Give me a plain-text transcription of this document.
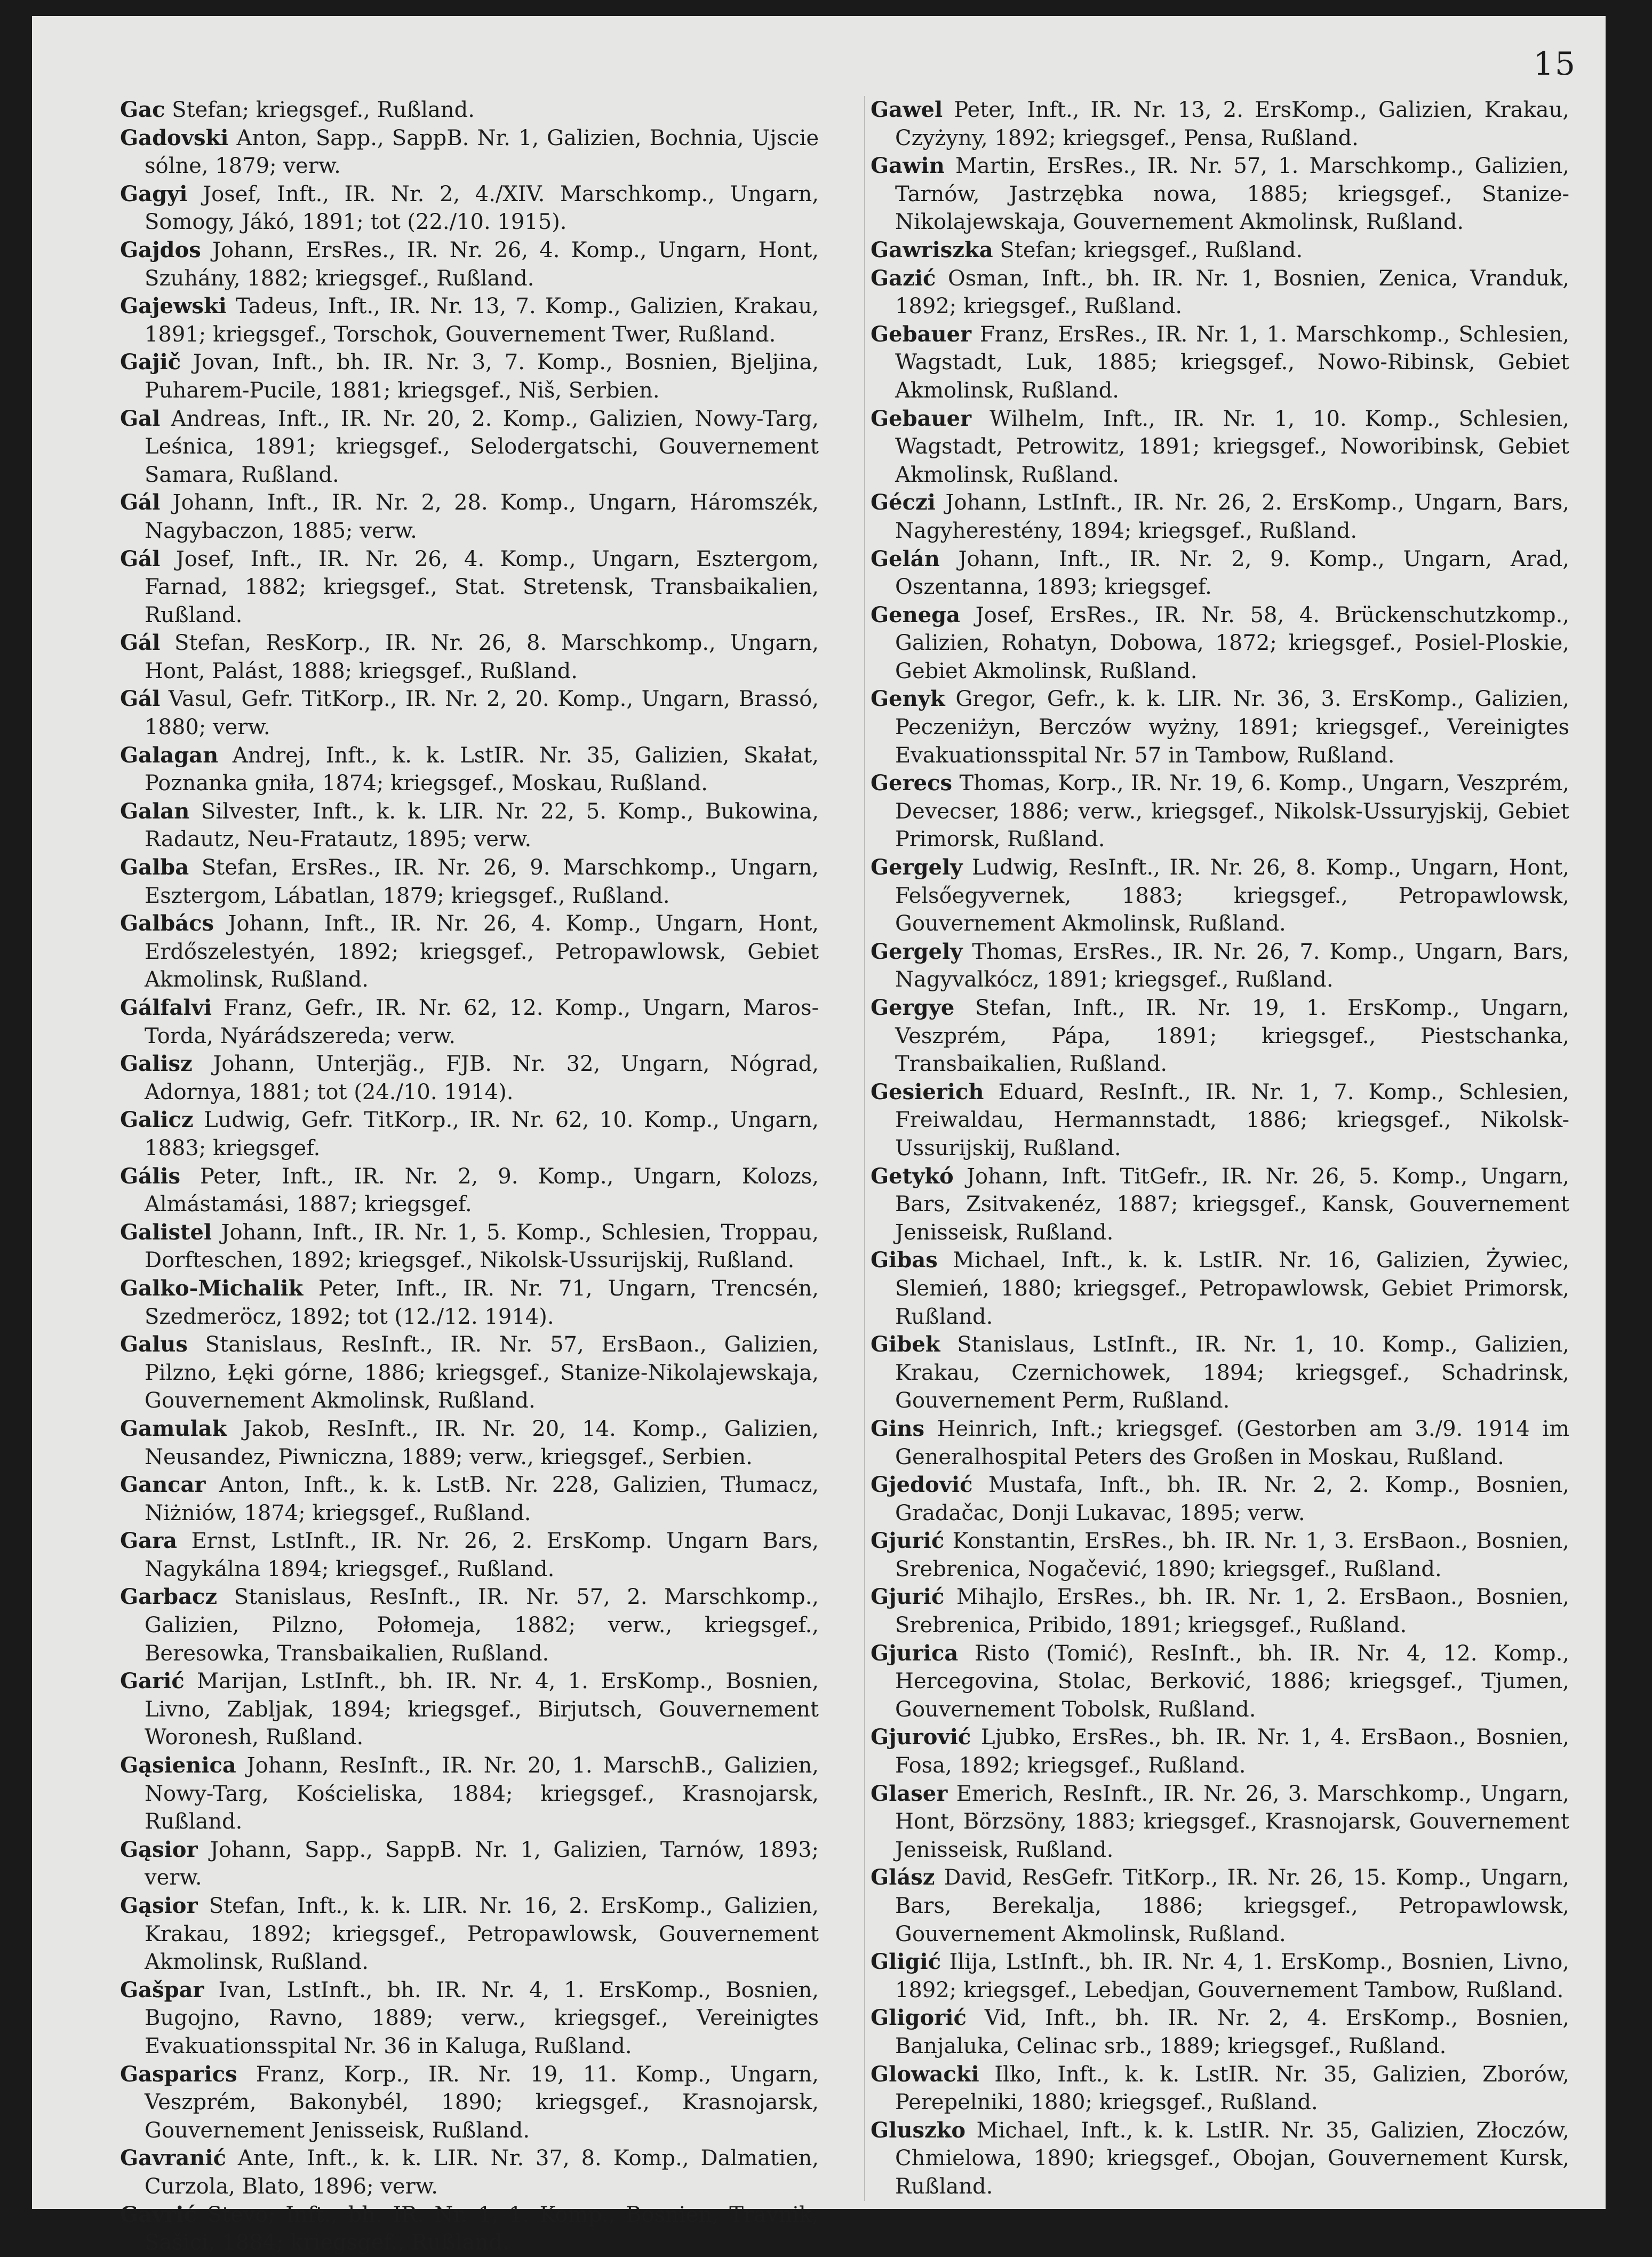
15

Gac Stefan; kriegsgef., Rußland.

Gadovski Anton, Sapp., SappB. Nr. 1, Galizien, Bochnia, Ujscie sólne, 1879; verw.

Gagyi Josef, Inft., IR. Nr. 2, 4./XIV. Marschkomp., Ungarn, Somogy, Jákó, 1891; tot (22./10. 1915).

Gajdos Johann, ErsRes., IR. Nr. 26, 4. Komp., Ungarn, Hont, Szuhány, 1882; kriegsgef., Rußland.

Gajewski Tadeus, Inft., IR. Nr. 13, 7. Komp., Galizien, Krakau, 1891; kriegsgef., Torschok, Gouvernement Twer, Rußland.

Gajič Jovan, Inft., bh. IR. Nr. 3, 7. Komp., Bosnien, Bjeljina, Puharem-Pucile, 1881; kriegsgef., Niš, Serbien.

Gal Andreas, Inft., IR. Nr. 20, 2. Komp., Galizien, Nowy-Targ, Leśnica, 1891; kriegsgef., Selodergatschi, Gouvernement Samara, Rußland.

Gál Johann, Inft., IR. Nr. 2, 28. Komp., Ungarn, Háromszék, Nagybaczon, 1885; verw.

Gál Josef, Inft., IR. Nr. 26, 4. Komp., Ungarn, Esztergom, Farnad, 1882; kriegsgef., Stat. Stretensk, Transbaikalien, Rußland.

Gál Stefan, ResKorp., IR. Nr. 26, 8. Marschkomp., Ungarn, Hont, Palást, 1888; kriegsgef., Rußland.

Gál Vasul, Gefr. TitKorp., IR. Nr. 2, 20. Komp., Ungarn, Brassó, 1880; verw.

Galagan Andrej, Inft., k. k. LstIR. Nr. 35, Galizien, Skałat, Poznanka gniła, 1874; kriegsgef., Moskau, Rußland.

Galan Silvester, Inft., k. k. LIR. Nr. 22, 5. Komp., Bukowina, Radautz, Neu-Fratautz, 1895; verw.

Galba Stefan, ErsRes., IR. Nr. 26, 9. Marschkomp., Ungarn, Esztergom, Lábatlan, 1879; kriegsgef., Rußland.

Galbács Johann, Inft., IR. Nr. 26, 4. Komp., Ungarn, Hont, Erdőszelestyén, 1892; kriegsgef., Petropawlowsk, Gebiet Akmolinsk, Rußland.

Gálfalvi Franz, Gefr., IR. Nr. 62, 12. Komp., Ungarn, Maros-Torda, Nyárádszereda; verw.

Galisz Johann, Unterjäg., FJB. Nr. 32, Ungarn, Nógrad, Adornya, 1881; tot (24./10. 1914).

Galicz Ludwig, Gefr. TitKorp., IR. Nr. 62, 10. Komp., Ungarn, 1883; kriegsgef.

Gális Peter, Inft., IR. Nr. 2, 9. Komp., Ungarn, Kolozs, Almástamási, 1887; kriegsgef.

Galistel Johann, Inft., IR. Nr. 1, 5. Komp., Schlesien, Troppau, Dorfteschen, 1892; kriegsgef., Nikolsk-Ussurijskij, Rußland.

Galko-Michalik Peter, Inft., IR. Nr. 71, Ungarn, Trencsén, Szedmeröcz, 1892; tot (12./12. 1914).

Galus Stanislaus, ResInft., IR. Nr. 57, ErsBaon., Galizien, Pilzno, Łęki górne, 1886; kriegsgef., Stanize-Nikolajewskaja, Gouvernement Akmolinsk, Rußland.

Gamulak Jakob, ResInft., IR. Nr. 20, 14. Komp., Galizien, Neusandez, Piwniczna, 1889; verw., kriegsgef., Serbien.

Gancar Anton, Inft., k. k. LstB. Nr. 228, Galizien, Tłumacz, Niżniów, 1874; kriegsgef., Rußland.

Gara Ernst, LstInft., IR. Nr. 26, 2. ErsKomp. Ungarn Bars, Nagykálna 1894; kriegsgef., Rußland.

Garbacz Stanislaus, ResInft., IR. Nr. 57, 2. Marschkomp., Galizien, Pilzno, Połomeja, 1882; verw., kriegsgef., Beresowka, Transbaikalien, Rußland.

Garić Marijan, LstInft., bh. IR. Nr. 4, 1. ErsKomp., Bosnien, Livno, Zabljak, 1894; kriegsgef., Birjutsch, Gouvernement Woronesh, Rußland.

Gąsienica Johann, ResInft., IR. Nr. 20, 1. MarschB., Galizien, Nowy-Targ, Kościeliska, 1884; kriegsgef., Krasnojarsk, Rußland.

Gąsior Johann, Sapp., SappB. Nr. 1, Galizien, Tarnów, 1893; verw.

Gąsior Stefan, Inft., k. k. LIR. Nr. 16, 2. ErsKomp., Galizien, Krakau, 1892; kriegsgef., Petropawlowsk, Gouvernement Akmolinsk, Rußland.

Gašpar Ivan, LstInft., bh. IR. Nr. 4, 1. ErsKomp., Bosnien, Bugojno, Ravno, 1889; verw., kriegsgef., Vereinigtes Evakuationsspital Nr. 36 in Kaluga, Rußland.

Gasparics Franz, Korp., IR. Nr. 19, 11. Komp., Ungarn, Veszprém, Bakonybél, 1890; kriegsgef., Krasnojarsk, Gouvernement Jenisseisk, Rußland.

Gavranić Ante, Inft., k. k. LIR. Nr. 37, 8. Komp., Dalmatien, Curzola, Blato, 1896; verw.

Gavrić Stevo; Inft., bh. IR. Nr. 1, 1. Komp., Bosnien, Travnik, Sašici, 1884; kriegsgef., Rußland.

Gawel Peter, Inft., IR. Nr. 13, 2. ErsKomp., Galizien, Krakau, Czyżyny, 1892; kriegsgef., Pensa, Rußland.

Gawin Martin, ErsRes., IR. Nr. 57, 1. Marschkomp., Galizien, Tarnów, Jastrzębka nowa, 1885; kriegsgef., Stanize-Nikolajewskaja, Gouvernement Akmolinsk, Rußland.

Gawriszka Stefan; kriegsgef., Rußland.

Gazić Osman, Inft., bh. IR. Nr. 1, Bosnien, Zenica, Vranduk, 1892; kriegsgef., Rußland.

Gebauer Franz, ErsRes., IR. Nr. 1, 1. Marschkomp., Schlesien, Wagstadt, Luk, 1885; kriegsgef., Nowo-Ribinsk, Gebiet Akmolinsk, Rußland.

Gebauer Wilhelm, Inft., IR. Nr. 1, 10. Komp., Schlesien, Wagstadt, Petrowitz, 1891; kriegsgef., Noworibinsk, Gebiet Akmolinsk, Rußland.

Géczi Johann, LstInft., IR. Nr. 26, 2. ErsKomp., Ungarn, Bars, Nagyherestény, 1894; kriegsgef., Rußland.

Gelán Johann, Inft., IR. Nr. 2, 9. Komp., Ungarn, Arad, Oszentanna, 1893; kriegsgef.

Genega Josef, ErsRes., IR. Nr. 58, 4. Brückenschutzkomp., Galizien, Rohatyn, Dobowa, 1872; kriegsgef., Posiel-Ploskie, Gebiet Akmolinsk, Rußland.

Genyk Gregor, Gefr., k. k. LIR. Nr. 36, 3. ErsKomp., Galizien, Peczeniżyn, Berczów wyżny, 1891; kriegsgef., Vereinigtes Evakuationsspital Nr. 57 in Tambow, Rußland.

Gerecs Thomas, Korp., IR. Nr. 19, 6. Komp., Ungarn, Veszprém, Devecser, 1886; verw., kriegsgef., Nikolsk-Ussuryjskij, Gebiet Primorsk, Rußland.

Gergely Ludwig, ResInft., IR. Nr. 26, 8. Komp., Ungarn, Hont, Felsőegyvernek, 1883; kriegsgef., Petropawlowsk, Gouvernement Akmolinsk, Rußland.

Gergely Thomas, ErsRes., IR. Nr. 26, 7. Komp., Ungarn, Bars, Nagyvalkócz, 1891; kriegsgef., Rußland.

Gergye Stefan, Inft., IR. Nr. 19, 1. ErsKomp., Ungarn, Veszprém, Pápa, 1891; kriegsgef., Piestschanka, Transbaikalien, Rußland.

Gesierich Eduard, ResInft., IR. Nr. 1, 7. Komp., Schlesien, Freiwaldau, Hermannstadt, 1886; kriegsgef., Nikolsk-Ussurijskij, Rußland.

Getykó Johann, Inft. TitGefr., IR. Nr. 26, 5. Komp., Ungarn, Bars, Zsitvakenéz, 1887; kriegsgef., Kansk, Gouvernement Jenisseisk, Rußland.

Gibas Michael, Inft., k. k. LstIR. Nr. 16, Galizien, Żywiec, Slemień, 1880; kriegsgef., Petropawlowsk, Gebiet Primorsk, Rußland.

Gibek Stanislaus, LstInft., IR. Nr. 1, 10. Komp., Galizien, Krakau, Czernichowek, 1894; kriegsgef., Schadrinsk, Gouvernement Perm, Rußland.

Gins Heinrich, Inft.; kriegsgef. (Gestorben am 3./9. 1914 im Generalhospital Peters des Großen in Moskau, Rußland.

Gjedović Mustafa, Inft., bh. IR. Nr. 2, 2. Komp., Bosnien, Gradačac, Donji Lukavac, 1895; verw.

Gjurić Konstantin, ErsRes., bh. IR. Nr. 1, 3. ErsBaon., Bosnien, Srebrenica, Nogačević, 1890; kriegsgef., Rußland.

Gjurić Mihajlo, ErsRes., bh. IR. Nr. 1, 2. ErsBaon., Bosnien, Srebrenica, Pribido, 1891; kriegsgef., Rußland.

Gjurica Risto (Tomić), ResInft., bh. IR. Nr. 4, 12. Komp., Hercegovina, Stolac, Berković, 1886; kriegsgef., Tjumen, Gouvernement Tobolsk, Rußland.

Gjurović Ljubko, ErsRes., bh. IR. Nr. 1, 4. ErsBaon., Bosnien, Fosa, 1892; kriegsgef., Rußland.

Glaser Emerich, ResInft., IR. Nr. 26, 3. Marschkomp., Ungarn, Hont, Börzsöny, 1883; kriegsgef., Krasnojarsk, Gouvernement Jenisseisk, Rußland.

Glász David, ResGefr. TitKorp., IR. Nr. 26, 15. Komp., Ungarn, Bars, Berekalja, 1886; kriegsgef., Petropawlowsk, Gouvernement Akmolinsk, Rußland.

Gligić Ilija, LstInft., bh. IR. Nr. 4, 1. ErsKomp., Bosnien, Livno, 1892; kriegsgef., Lebedjan, Gouvernement Tambow, Rußland.

Gligorić Vid, Inft., bh. IR. Nr. 2, 4. ErsKomp., Bosnien, Banjaluka, Celinac srb., 1889; kriegsgef., Rußland.

Glowacki Ilko, Inft., k. k. LstIR. Nr. 35, Galizien, Zborów, Perepelniki, 1880; kriegsgef., Rußland.

Gluszko Michael, Inft., k. k. LstIR. Nr. 35, Galizien, Złoczów, Chmielowa, 1890; kriegsgef., Obojan, Gouvernement Kursk, Rußland.
